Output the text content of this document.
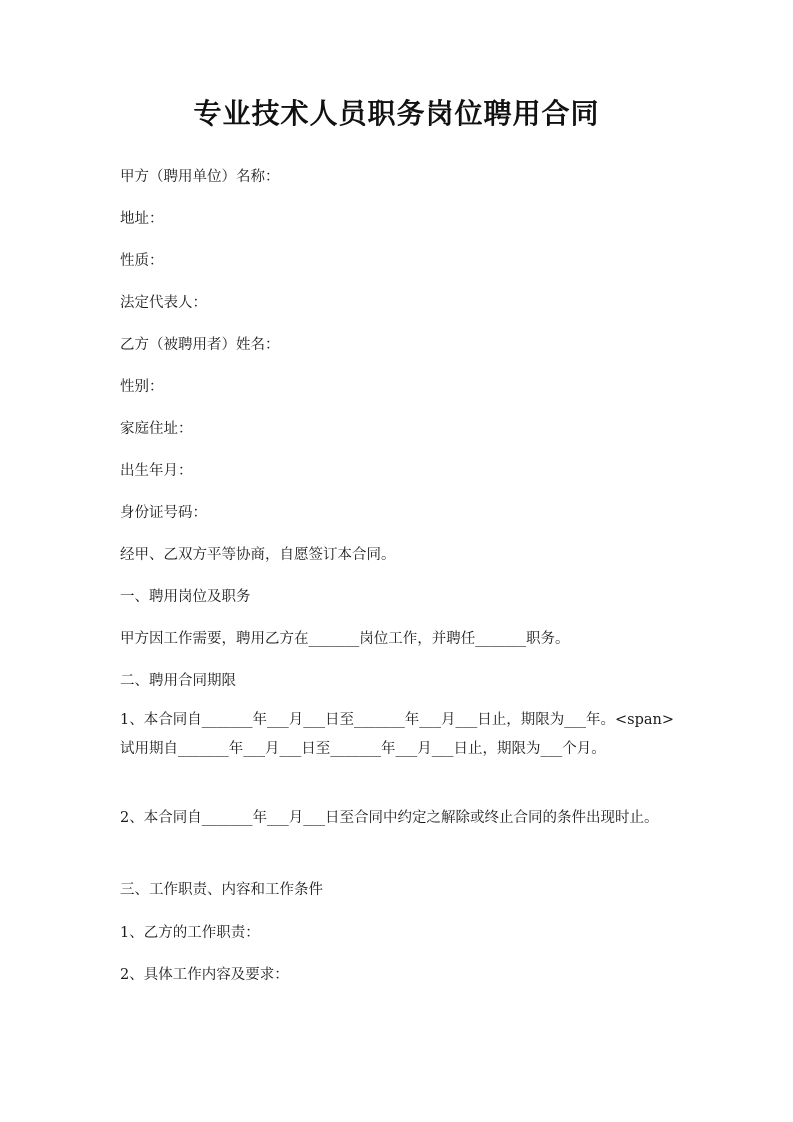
专业技术人员职务岗位聘用合同
甲方（聘用单位）名称：
地址：
性质：
法定代表人：
乙方（被聘用者）姓名：
性别：
家庭住址：
出生年月：
身份证号码：
经甲、乙双方平等协商，自愿签订本合同。
一、聘用岗位及职务
甲方因工作需要，聘用乙方在_______岗位工作，并聘任_______职务。
二、聘用合同期限
1、本合同自_______年___月___日至_______年___月___日止，期限为___年。<span>试用期自_______年___月___日至_______年___月___日止，期限为___个月。
2、本合同自_______年___月___日至合同中约定之解除或终止合同的条件出现时止。
三、工作职责、内容和工作条件
1、乙方的工作职责：
2、具体工作内容及要求：
